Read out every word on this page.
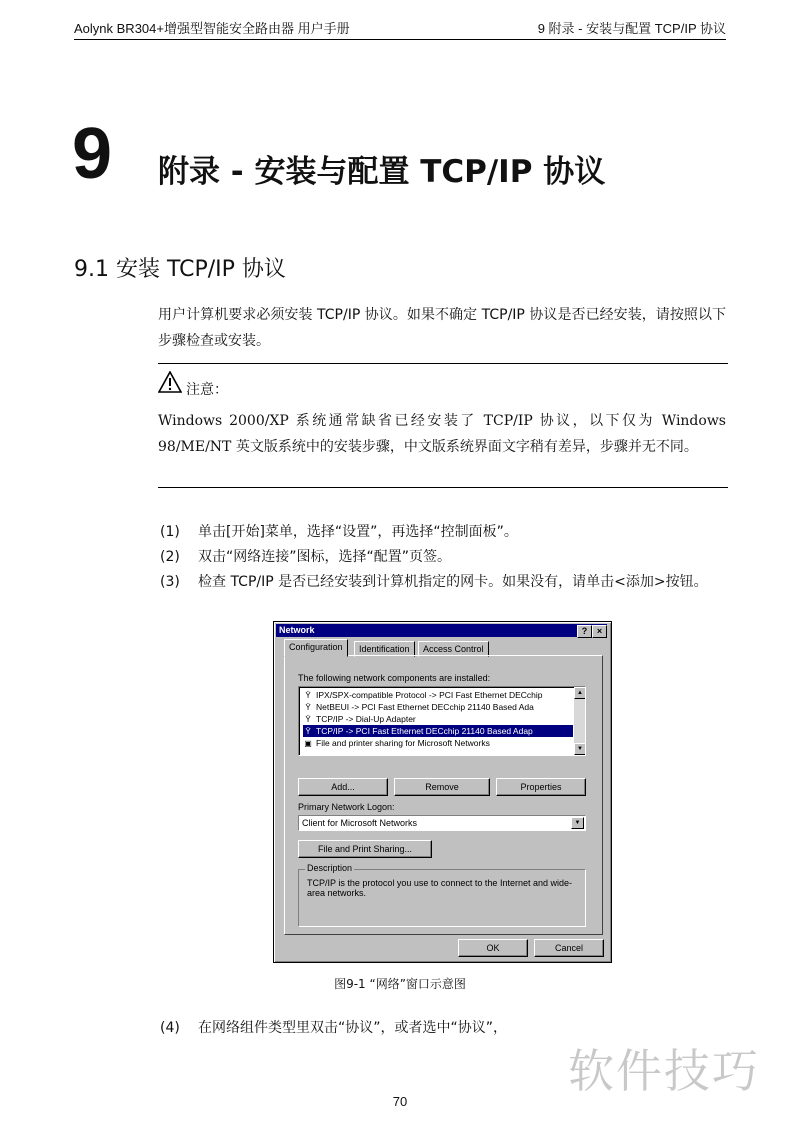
Aolynk BR304+增强型智能安全路由器 用户手册	9 附录 - 安装与配置 TCP/IP 协议
9 附录 - 安装与配置 TCP/IP 协议
9.1 安装 TCP/IP 协议
用户计算机要求必须安装 TCP/IP 协议。如果不确定 TCP/IP 协议是否已经安装，请按照以下步骤检查或安装。
注意：
Windows 2000/XP 系统通常缺省已经安装了 TCP/IP 协议，以下仅为 Windows 98/ME/NT 英文版系统中的安装步骤，中文版系统界面文字稍有差异，步骤并无不同。
(1) 单击[开始]菜单，选择“设置”，再选择“控制面板”。
(2) 双击“网络连接”图标，选择“配置”页签。
(3) 检查 TCP/IP 是否已经安装到计算机指定的网卡。如果没有，请单击<添加>按钮。
Network	?	×
Configuration	Identification	Access Control
The following network components are installed:
Ÿ IPX/SPX-compatible Protocol -> PCI Fast Ethernet DECchip
Ÿ NetBEUI -> PCI Fast Ethernet DECchip 21140 Based Ada
Ÿ TCP/IP -> Dial-Up Adapter
Ÿ TCP/IP -> PCI Fast Ethernet DECchip 21140 Based Adap
▣ File and printer sharing for Microsoft Networks
▲
▼
Add...	Remove	Properties
Primary Network Logon:
Client for Microsoft Networks	▼
File and Print Sharing...
Description
TCP/IP is the protocol you use to connect to the Internet and wide-area networks.
OK	Cancel
图9-1 “网络”窗口示意图
(4) 在网络组件类型里双击“协议”，或者选中“协议”，
软件技巧
70
